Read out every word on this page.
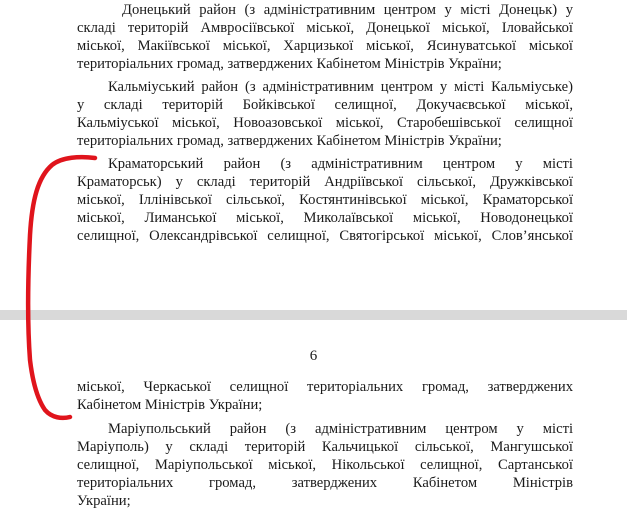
Донецький район (з адміністративним центром у місті Донецьк) у
складі територій Амвросіївської міської, Донецької міської, Іловайської
міської, Макіївської міської, Харцизької міської, Ясинуватської міської
територіальних громад, затверджених Кабінетом Міністрів України;

Кальміуський район (з адміністративним центром у місті Кальміуське)
у складі територій Бойківської селищної, Докучаєвської міської,
Кальміуської міської, Новоазовської міської, Старобешівської селищної
територіальних громад, затверджених Кабінетом Міністрів України;

Краматорський район (з адміністративним центром у місті
Краматорськ) у складі територій Андріївської сільської, Дружківської
міської, Іллінівської сільської, Костянтинівської міської, Краматорської
міської, Лиманської міської, Миколаївської міської, Новодонецької
селищної, Олександрівської селищної, Святогірської міської, Слов’янської

6

міської, Черкаської селищної територіальних громад, затверджених
Кабінетом Міністрів України;

Маріупольський район (з адміністративним центром у місті
Маріуполь) у складі територій Кальчицької сільської, Мангушської
селищної, Маріупольської міської, Нікольської селищної, Сартанської
територіальних громад, затверджених Кабінетом Міністрів
України;
